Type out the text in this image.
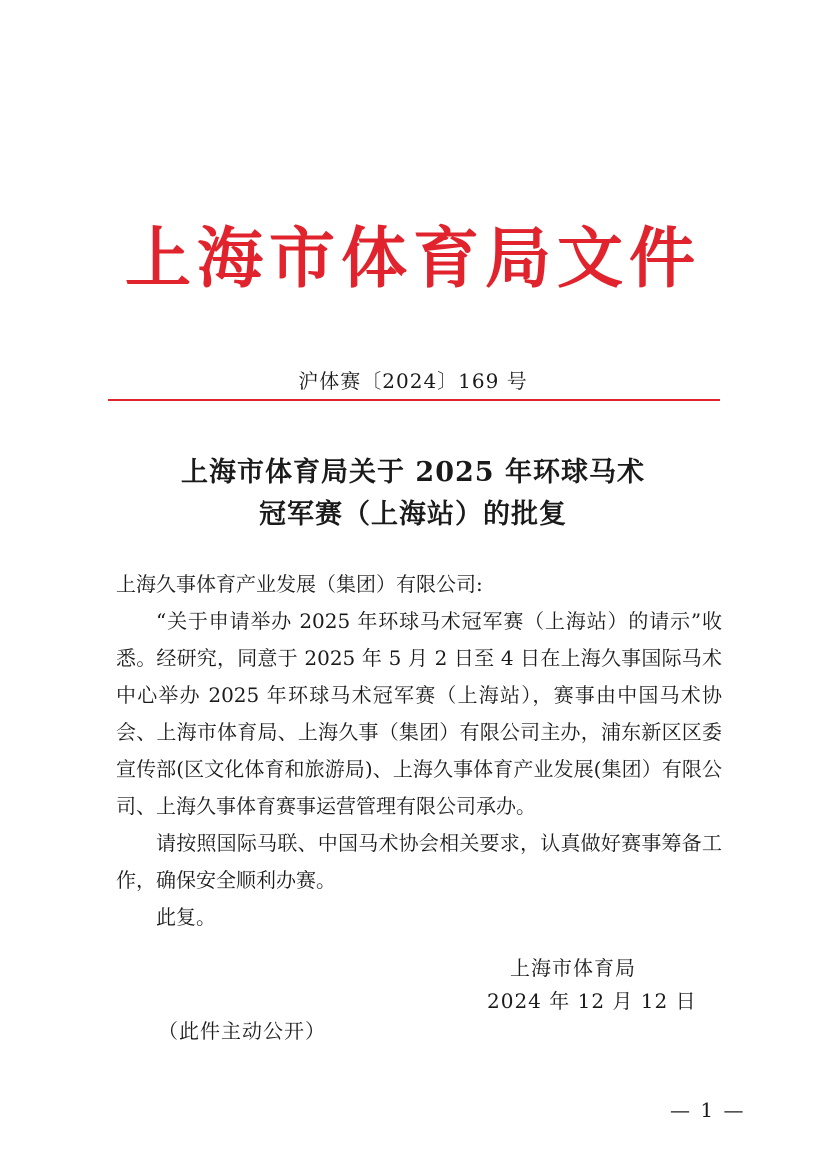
上海市体育局文件
沪体赛〔2024〕169 号
上海市体育局关于 2025 年环球马术
冠军赛（上海站）的批复

上海久事体育产业发展（集团）有限公司:

“关于申请举办 2025 年环球马术冠军赛（上海站）的请示”收悉。经研究，同意于 2025 年 5 月 2 日至 4 日在上海久事国际马术中心举办 2025 年环球马术冠军赛（上海站），赛事由中国马术协会、上海市体育局、上海久事（集团）有限公司主办，浦东新区区委宣传部(区文化体育和旅游局)、上海久事体育产业发展(集团）有限公司、上海久事体育赛事运营管理有限公司承办。

请按照国际马联、中国马术协会相关要求，认真做好赛事筹备工作，确保安全顺利办赛。

此复。

上海市体育局
2024 年 12 月 12 日
（此件主动公开）
— 1 —
